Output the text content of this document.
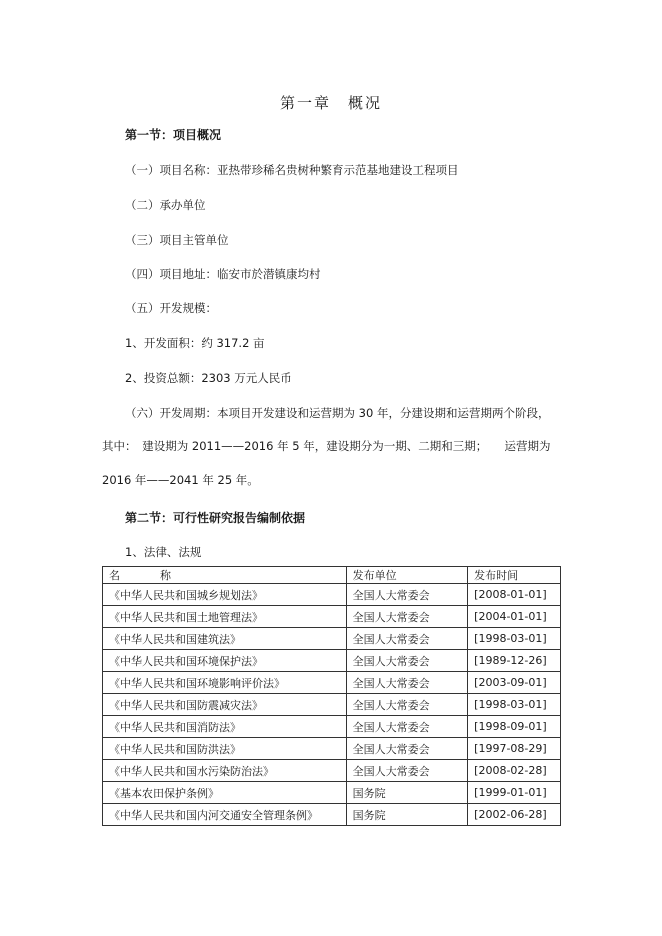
第一章　概况
第一节：项目概况
（一）项目名称：亚热带珍稀名贵树种繁育示范基地建设工程项目
（二）承办单位
（三）项目主管单位
（四）项目地址：临安市於潜镇康均村
（五）开发规模：
1、开发面积：约 317.2 亩
2、投资总额：2303 万元人民币
（六）开发周期：本项目开发建设和运营期为 30 年，分建设期和运营期两个阶段，
其中：　建设期为 2011——2016 年 5 年，建设期分为一期、二期和三期；　　运营期为
2016 年——2041 年 25 年。
第二节：可行性研究报告编制依据
1、法律、法规
名 称	发布单位	发布时间
《中华人民共和国城乡规划法》	全国人大常委会	[2008-01-01]
《中华人民共和国土地管理法》	全国人大常委会	[2004-01-01]
《中华人民共和国建筑法》	全国人大常委会	[1998-03-01]
《中华人民共和国环境保护法》	全国人大常委会	[1989-12-26]
《中华人民共和国环境影响评价法》	全国人大常委会	[2003-09-01]
《中华人民共和国防震减灾法》	全国人大常委会	[1998-03-01]
《中华人民共和国消防法》	全国人大常委会	[1998-09-01]
《中华人民共和国防洪法》	全国人大常委会	[1997-08-29]
《中华人民共和国水污染防治法》	全国人大常委会	[2008-02-28]
《基本农田保护条例》	国务院	[1999-01-01]
《中华人民共和国内河交通安全管理条例》	国务院	[2002-06-28]
